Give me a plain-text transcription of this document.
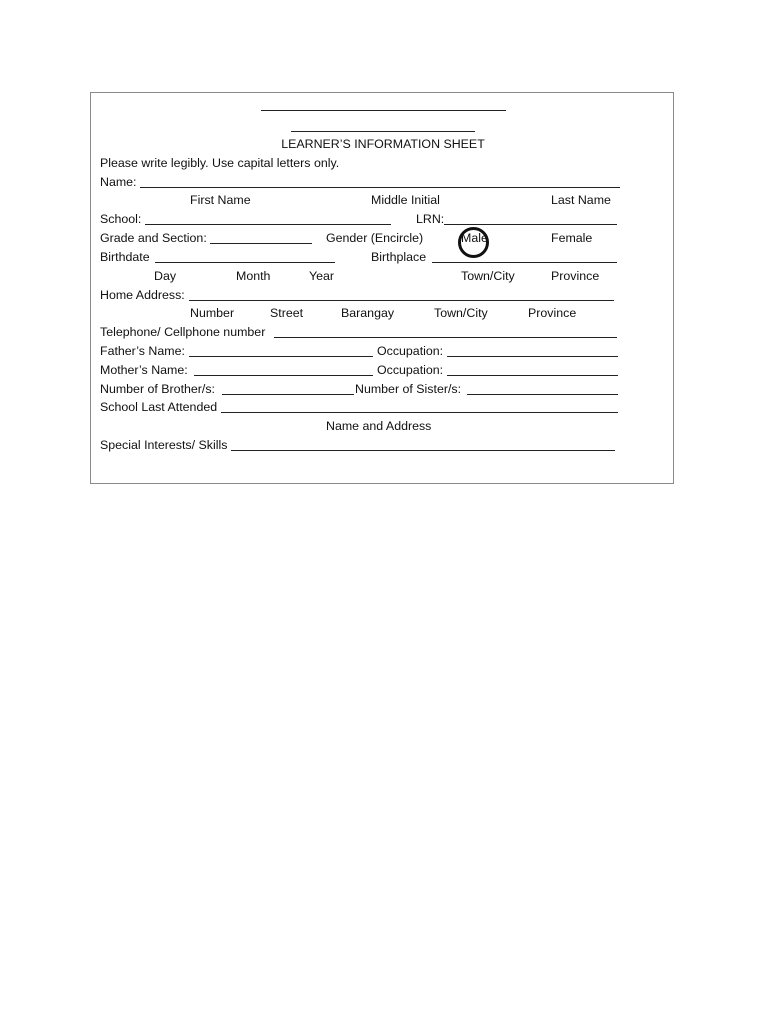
LEARNER’S INFORMATION SHEET
Please write legibly. Use capital letters only.
Name:
First Name	Middle Initial	Last Name
School:	LRN:
Grade and Section:	Gender (Encircle)	Male	Female
Birthdate	Birthplace
Day	Month	Year	Town/City	Province
Home Address:
Number	Street	Barangay	Town/City	Province
Telephone/ Cellphone number
Father’s Name:	Occupation:
Mother’s Name:	Occupation:
Number of Brother/s:	Number of Sister/s:
School Last Attended
Name and Address
Special Interests/ Skills
